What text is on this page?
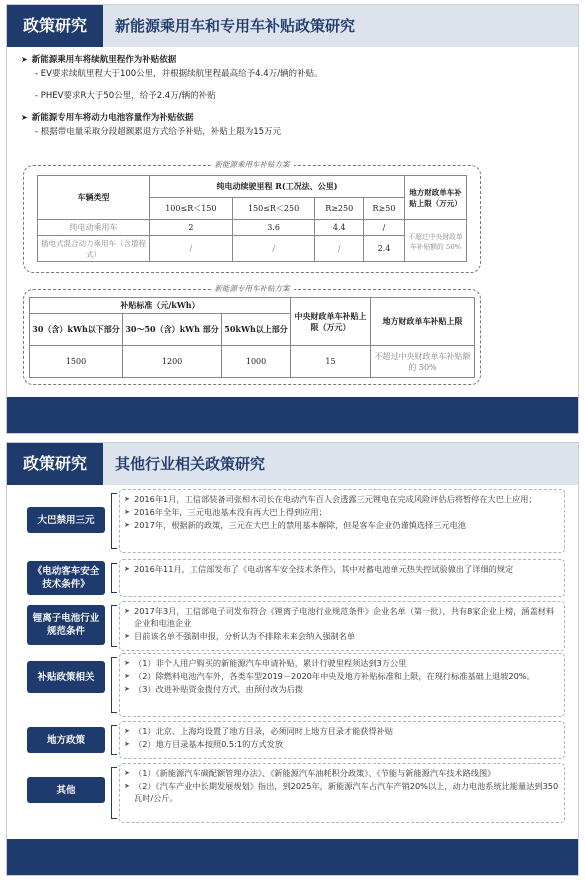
政策研究	新能源乘用车和专用车补贴政策研究
➤ 新能源乘用车将续航里程作为补贴依据
- EV要求续航里程大于100公里，并根据续航里程最高给予4.4万/辆的补贴。
- PHEV要求R大于50公里，给予2.4万/辆的补贴
➤ 新能源专用车将动力电池容量作为补贴依据
- 根据带电量采取分段超额累退方式给予补贴，补贴上限为15万元
新能源乘用车补贴方案
车辆类型	纯电动续驶里程 R(工况法、公里)				地方财政单车补贴上限（万元）
	100≤R＜150	150≤R＜250	R≥250	R≥50	
纯电动乘用车	2	3.6	4.4	/	不超过中央财政单车补贴额的 50%
插电式混合动力乘用车（含增程式）	/	/	/	2.4	
新能源专用车补贴方案
补贴标准（元/kWh）			中央财政单车补贴上限（万元）	地方财政单车补贴上限
30（含）kWh以下部分	30～50（含）kWh 部分	50kWh以上部分		
1500	1200	1000	15	不超过中央财政单车补贴额的 50%
政策研究	其他行业相关政策研究
大巴禁用三元
➤ 2016年1月，工信部装备司张相木司长在电动汽车百人会透露三元锂电在完成风险评估后将暂停在大巴上应用；
➤ 2016年全年，三元电池基本没有再大巴上得到应用；
➤ 2017年，根据新的政策，三元在大巴上的禁用基本解除，但是客车企业仍谨慎选择三元电池
《电动客车安全技术条件》
➤ 2016年11月，工信部发布了《电动客车安全技术条件》，其中对蓄电池单元热失控试验做出了详细的规定
锂离子电池行业规范条件
➤ 2017年3月，工信部电子司发布符合《锂离子电池行业规范条件》企业名单（第一批），共有8家企业上榜，涵盖材料企业和电池企业
➤ 目前该名单不强制申报，分析认为不排除未来会纳入强制名单
补贴政策相关
➤ （1）非个人用户购买的新能源汽车申请补贴，累计行驶里程须达到3万公里
➤ （2）除燃料电池汽车外，各类车型2019－2020年中央及地方补贴标准和上限，在现行标准基础上退坡20%。
➤ （3）改进补贴资金拨付方式，由预付改为后拨
地方政策
➤ （1）北京、上海均设置了地方目录，必须同时上地方目录才能获得补贴
➤ （2）地方目录基本按照0.5:1的方式发放
其他
➤ （1）《新能源汽车碳配额管理办法》、《新能源汽车油耗积分政策》、《节能与新能源汽车技术路线图》
➤ （2）《汽车产业中长期发展规划》指出，到2025年，新能源汽车占汽车产销20%以上，动力电池系统比能量达到350瓦时/公斤。
